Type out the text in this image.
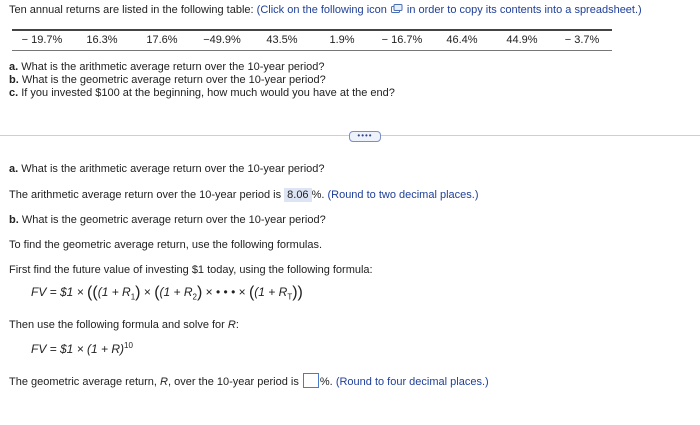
Ten annual returns are listed in the following table: (Click on the following icon in order to copy its contents into a spreadsheet.)
− 19.7%	16.3%	17.6%	−49.9%	43.5%	1.9%	− 16.7%	46.4%	44.9%	− 3.7%
a. What is the arithmetic average return over the 10-year period?
b. What is the geometric average return over the 10-year period?
c. If you invested $100 at the beginning, how much would you have at the end?
••••
a. What is the arithmetic average return over the 10-year period?
The arithmetic average return over the 10-year period is 8.06 %. (Round to two decimal places.)
b. What is the geometric average return over the 10-year period?
To find the geometric average return, use the following formulas.
First find the future value of investing $1 today, using the following formula:
FV = $1 × (($(1 + R_1) \times ((1 + R_2)$ × • • • × $((1 + R_T))$
Then use the following formula and solve for R:
FV = $1 × $(1 + R)^{10}$
The geometric average return, R, over the 10-year period is %. (Round to four decimal places.)
